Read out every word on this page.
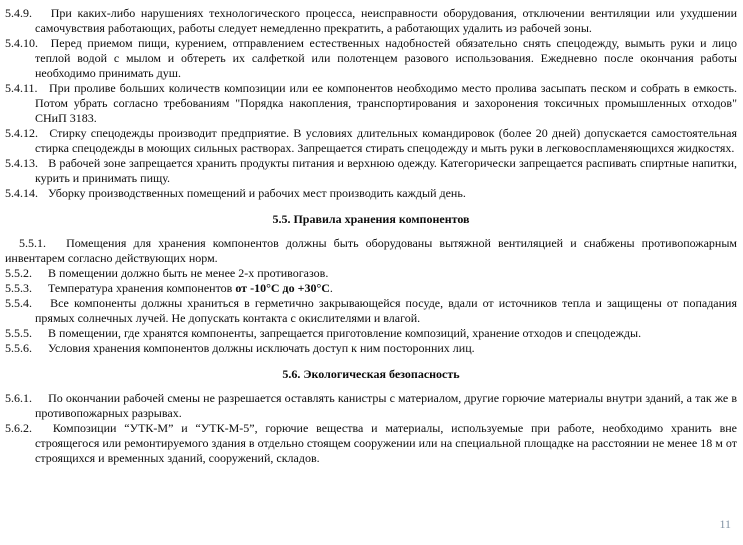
5.4.9. При каких-либо нарушениях технологического процесса, неисправности оборудования, отключении вентиляции или ухудшении самочувствия работающих, работы следует немедленно прекратить, а работающих удалить из рабочей зоны.

5.4.10. Перед приемом пищи, курением, отправлением естественных надобностей обязательно снять спецодежду, вымыть руки и лицо теплой водой с мылом и обтереть их салфеткой или полотенцем разового использования. Ежедневно после окончания работы необходимо принимать душ.

5.4.11. При проливе больших количеств композиции или ее компонентов необходимо место пролива засыпать песком и собрать в емкость. Потом убрать согласно требованиям "Порядка накопления, транспортирования и захоронения токсичных промышленных отходов" СНиП 3183.

5.4.12. Стирку спецодежды производит предприятие. В условиях длительных командировок (более 20 дней) допускается самостоятельная стирка спецодежды в моющих сильных растворах. Запрещается стирать спецодежду и мыть руки в легковоспламеняющихся жидкостях.

5.4.13. В рабочей зоне запрещается хранить продукты питания и верхнюю одежду. Категорически запрещается распивать спиртные напитки, курить и принимать пищу.

5.4.14. Уборку производственных помещений и рабочих мест производить каждый день.

5.5. Правила хранения компонентов

5.5.1. Помещения для хранения компонентов должны быть оборудованы вытяжной вентиляцией и снабжены противопожарным инвентарем согласно действующих норм.

5.5.2. В помещении должно быть не менее 2-х противогазов.

5.5.3. Температура хранения компонентов от -10°С до +30°С.

5.5.4. Все компоненты должны храниться в герметично закрывающейся посуде, вдали от источников тепла и защищены от попадания прямых солнечных лучей. Не допускать контакта с окислителями и влагой.

5.5.5. В помещении, где хранятся компоненты, запрещается приготовление композиций, хранение отходов и спецодежды.

5.5.6. Условия хранения компонентов должны исключать доступ к ним посторонних лиц.

5.6. Экологическая безопасность

5.6.1. По окончании рабочей смены не разрешается оставлять канистры с материалом, другие горючие материалы внутри зданий, а так же в противопожарных разрывах.

5.6.2. Композиции “УТК-М” и “УТК-М-5”, горючие вещества и материалы, используемые при работе, необходимо хранить вне строящегося или ремонтируемого здания в отдельно стоящем сооружении или на специальной площадке на расстоянии не менее 18 м от строящихся и временных зданий, сооружений, складов.

11
